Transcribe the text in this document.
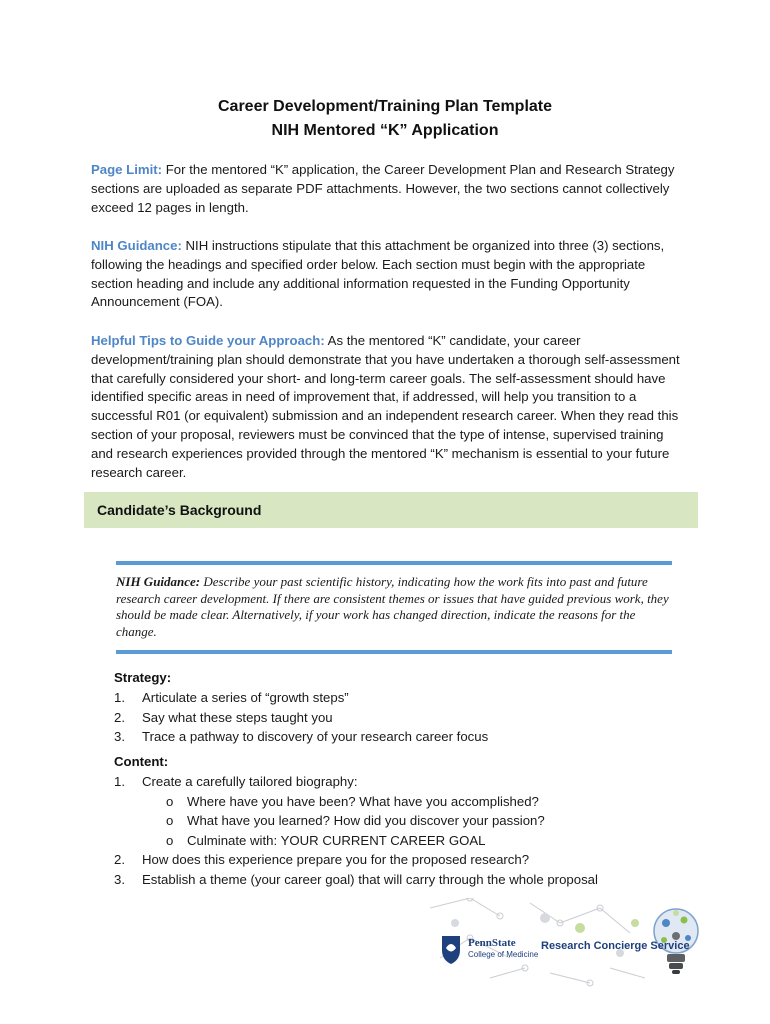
Career Development/Training Plan Template
NIH Mentored “K” Application
Page Limit: For the mentored “K” application, the Career Development Plan and Research Strategy sections are uploaded as separate PDF attachments. However, the two sections cannot collectively exceed 12 pages in length.
NIH Guidance: NIH instructions stipulate that this attachment be organized into three (3) sections, following the headings and specified order below. Each section must begin with the appropriate section heading and include any additional information requested in the Funding Opportunity Announcement (FOA).
Helpful Tips to Guide your Approach: As the mentored “K” candidate, your career development/training plan should demonstrate that you have undertaken a thorough self-assessment that carefully considered your short- and long-term career goals. The self-assessment should have identified specific areas in need of improvement that, if addressed, will help you transition to a successful R01 (or equivalent) submission and an independent research career. When they read this section of your proposal, reviewers must be convinced that the type of intense, supervised training and research experiences provided through the mentored “K” mechanism is essential to your future research career.
Candidate’s Background
NIH Guidance: Describe your past scientific history, indicating how the work fits into past and future research career development. If there are consistent themes or issues that have guided previous work, they should be made clear. Alternatively, if your work has changed direction, indicate the reasons for the change.
Strategy:
1. Articulate a series of “growth steps”
2. Say what these steps taught you
3. Trace a pathway to discovery of your research career focus
Content:
1. Create a carefully tailored biography:
o Where have you have been? What have you accomplished?
o What have you learned? How did you discover your passion?
o Culminate with: YOUR CURRENT CAREER GOAL
2. How does this experience prepare you for the proposed research?
3. Establish a theme (your career goal) that will carry through the whole proposal
PennState
College of Medicine
Research Concierge Service
